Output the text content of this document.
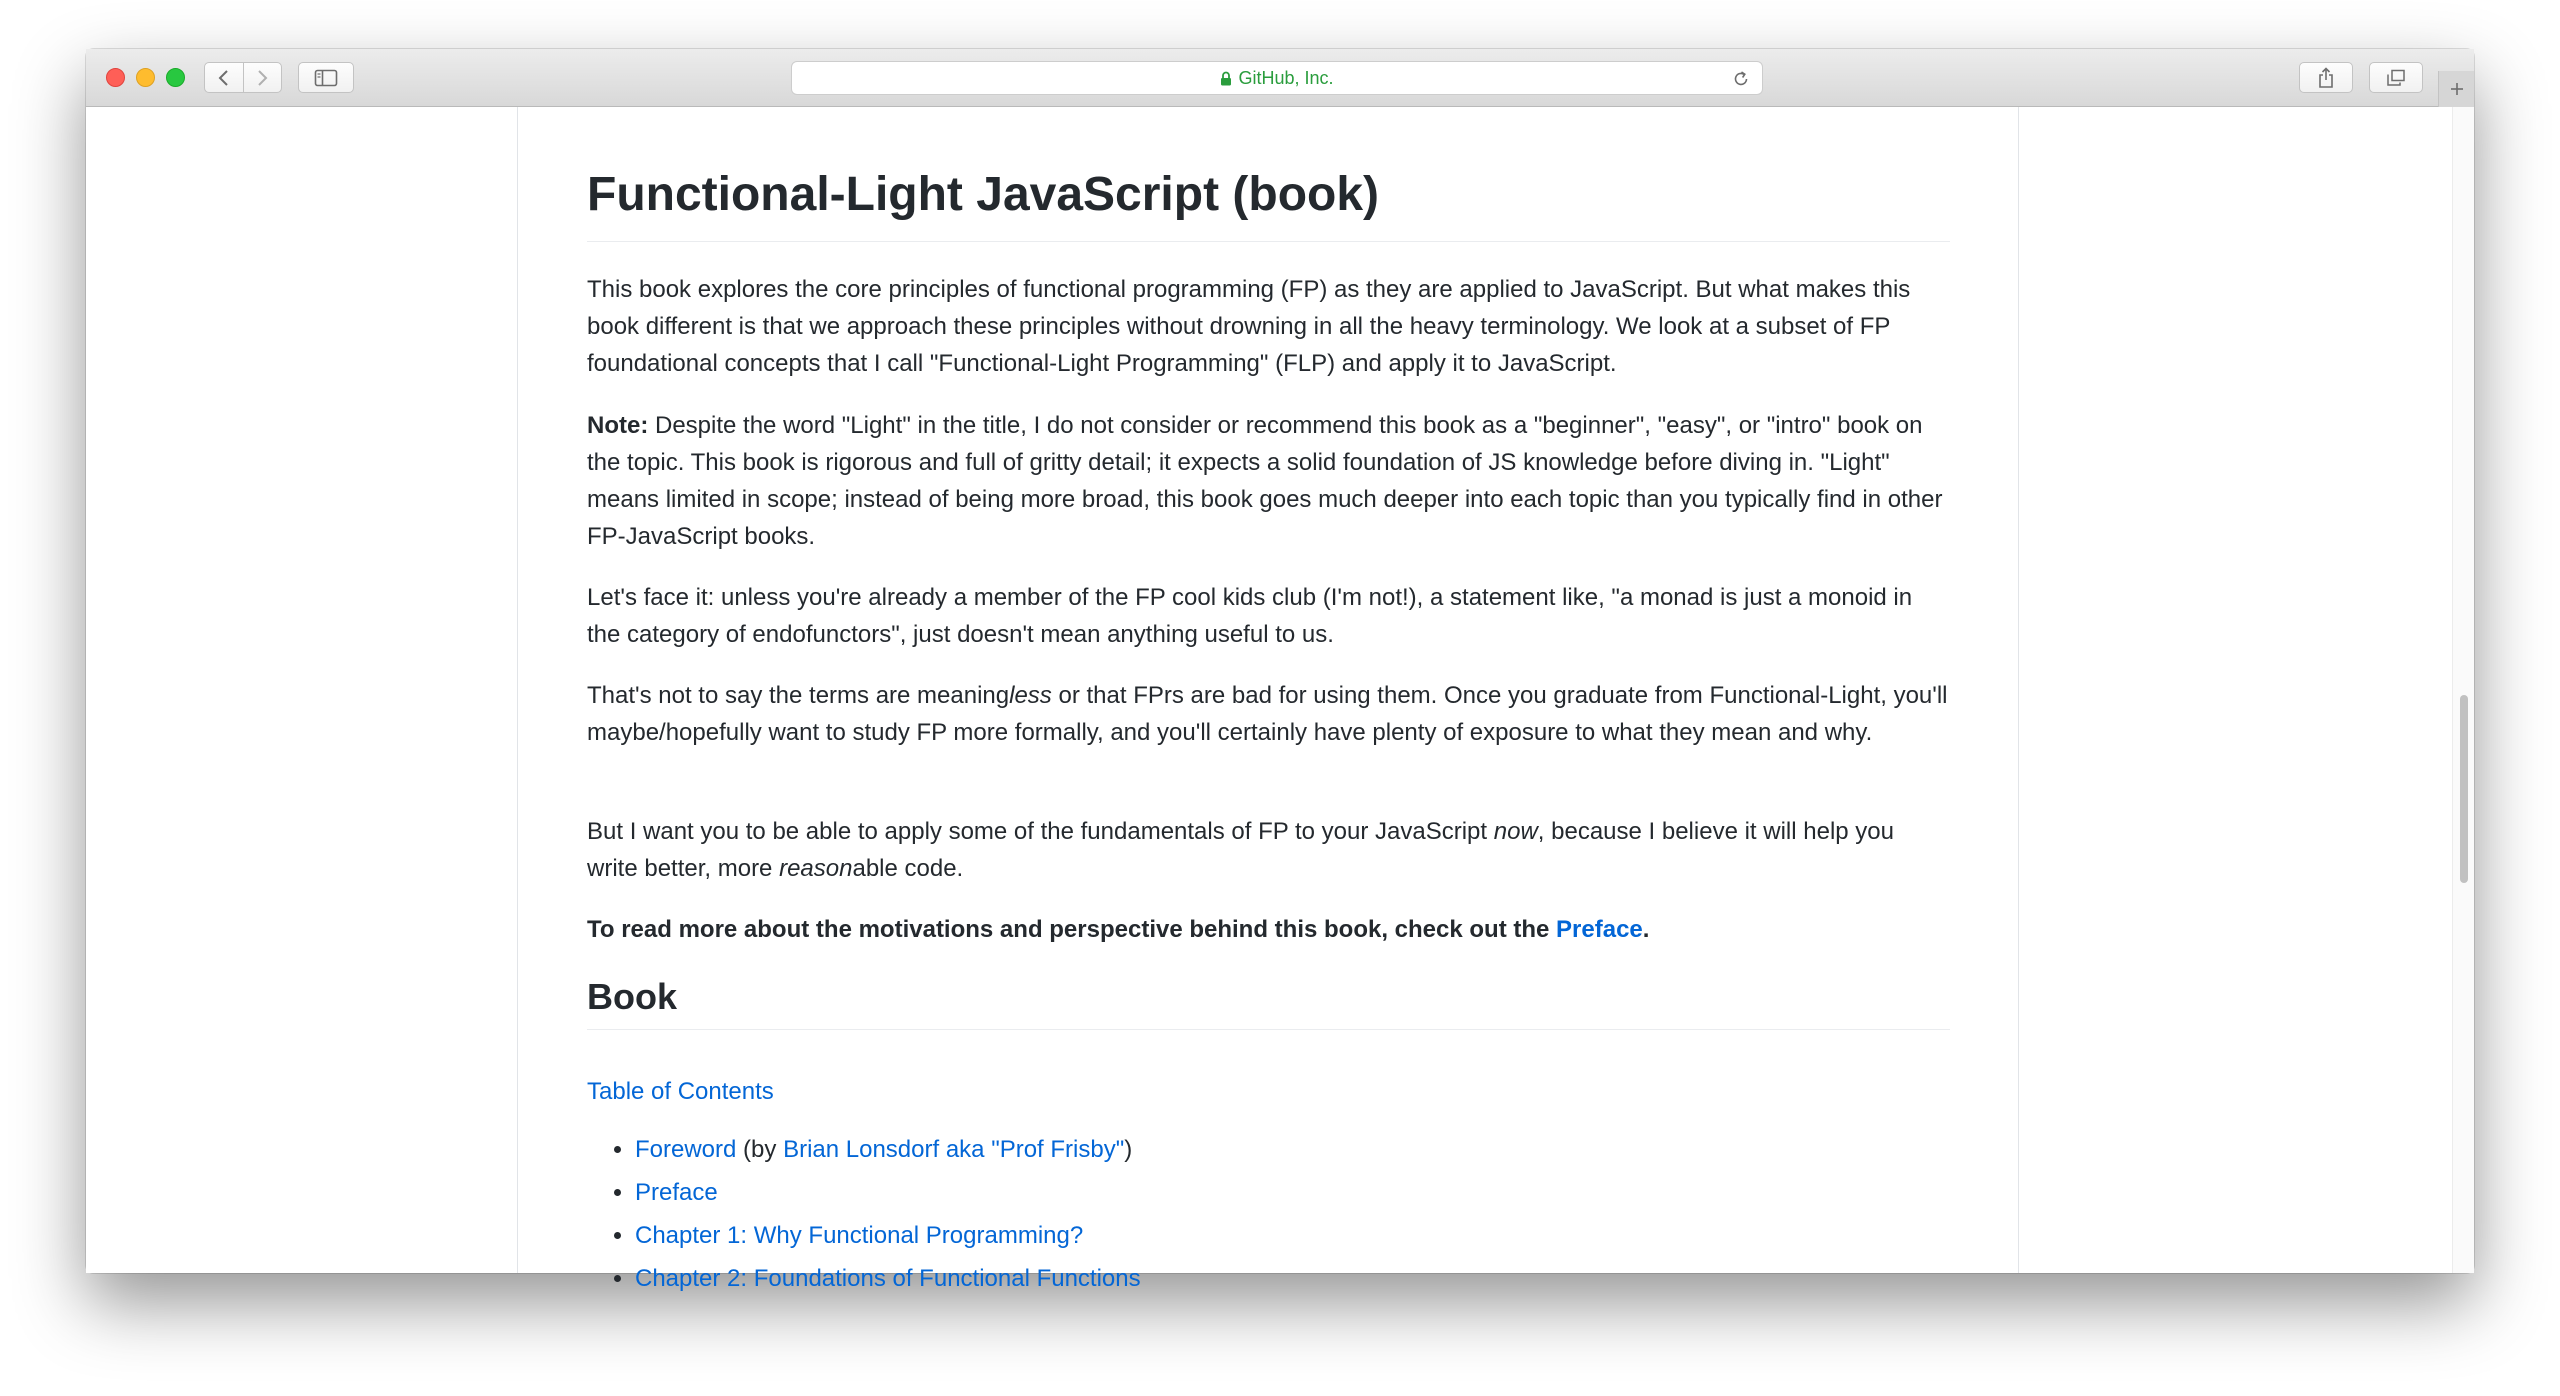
GitHub, Inc.
Functional-Light JavaScript (book)

This book explores the core principles of functional programming (FP) as they are applied to JavaScript. But what makes this book different is that we approach these principles without drowning in all the heavy terminology. We look at a subset of FP foundational concepts that I call "Functional-Light Programming" (FLP) and apply it to JavaScript.

Note: Despite the word "Light" in the title, I do not consider or recommend this book as a "beginner", "easy", or "intro" book on the topic. This book is rigorous and full of gritty detail; it expects a solid foundation of JS knowledge before diving in. "Light" means limited in scope; instead of being more broad, this book goes much deeper into each topic than you typically find in other FP-JavaScript books.

Let's face it: unless you're already a member of the FP cool kids club (I'm not!), a statement like, "a monad is just a monoid in the category of endofunctors", just doesn't mean anything useful to us.

That's not to say the terms are meaningless or that FPrs are bad for using them. Once you graduate from Functional-Light, you'll maybe/hopefully want to study FP more formally, and you'll certainly have plenty of exposure to what they mean and why.

But I want you to be able to apply some of the fundamentals of FP to your JavaScript now, because I believe it will help you write better, more reasonable code.

To read more about the motivations and perspective behind this book, check out the Preface.

Book

Table of Contents

• Foreword (by Brian Lonsdorf aka "Prof Frisby")
• Preface
• Chapter 1: Why Functional Programming?
• Chapter 2: Foundations of Functional Functions
